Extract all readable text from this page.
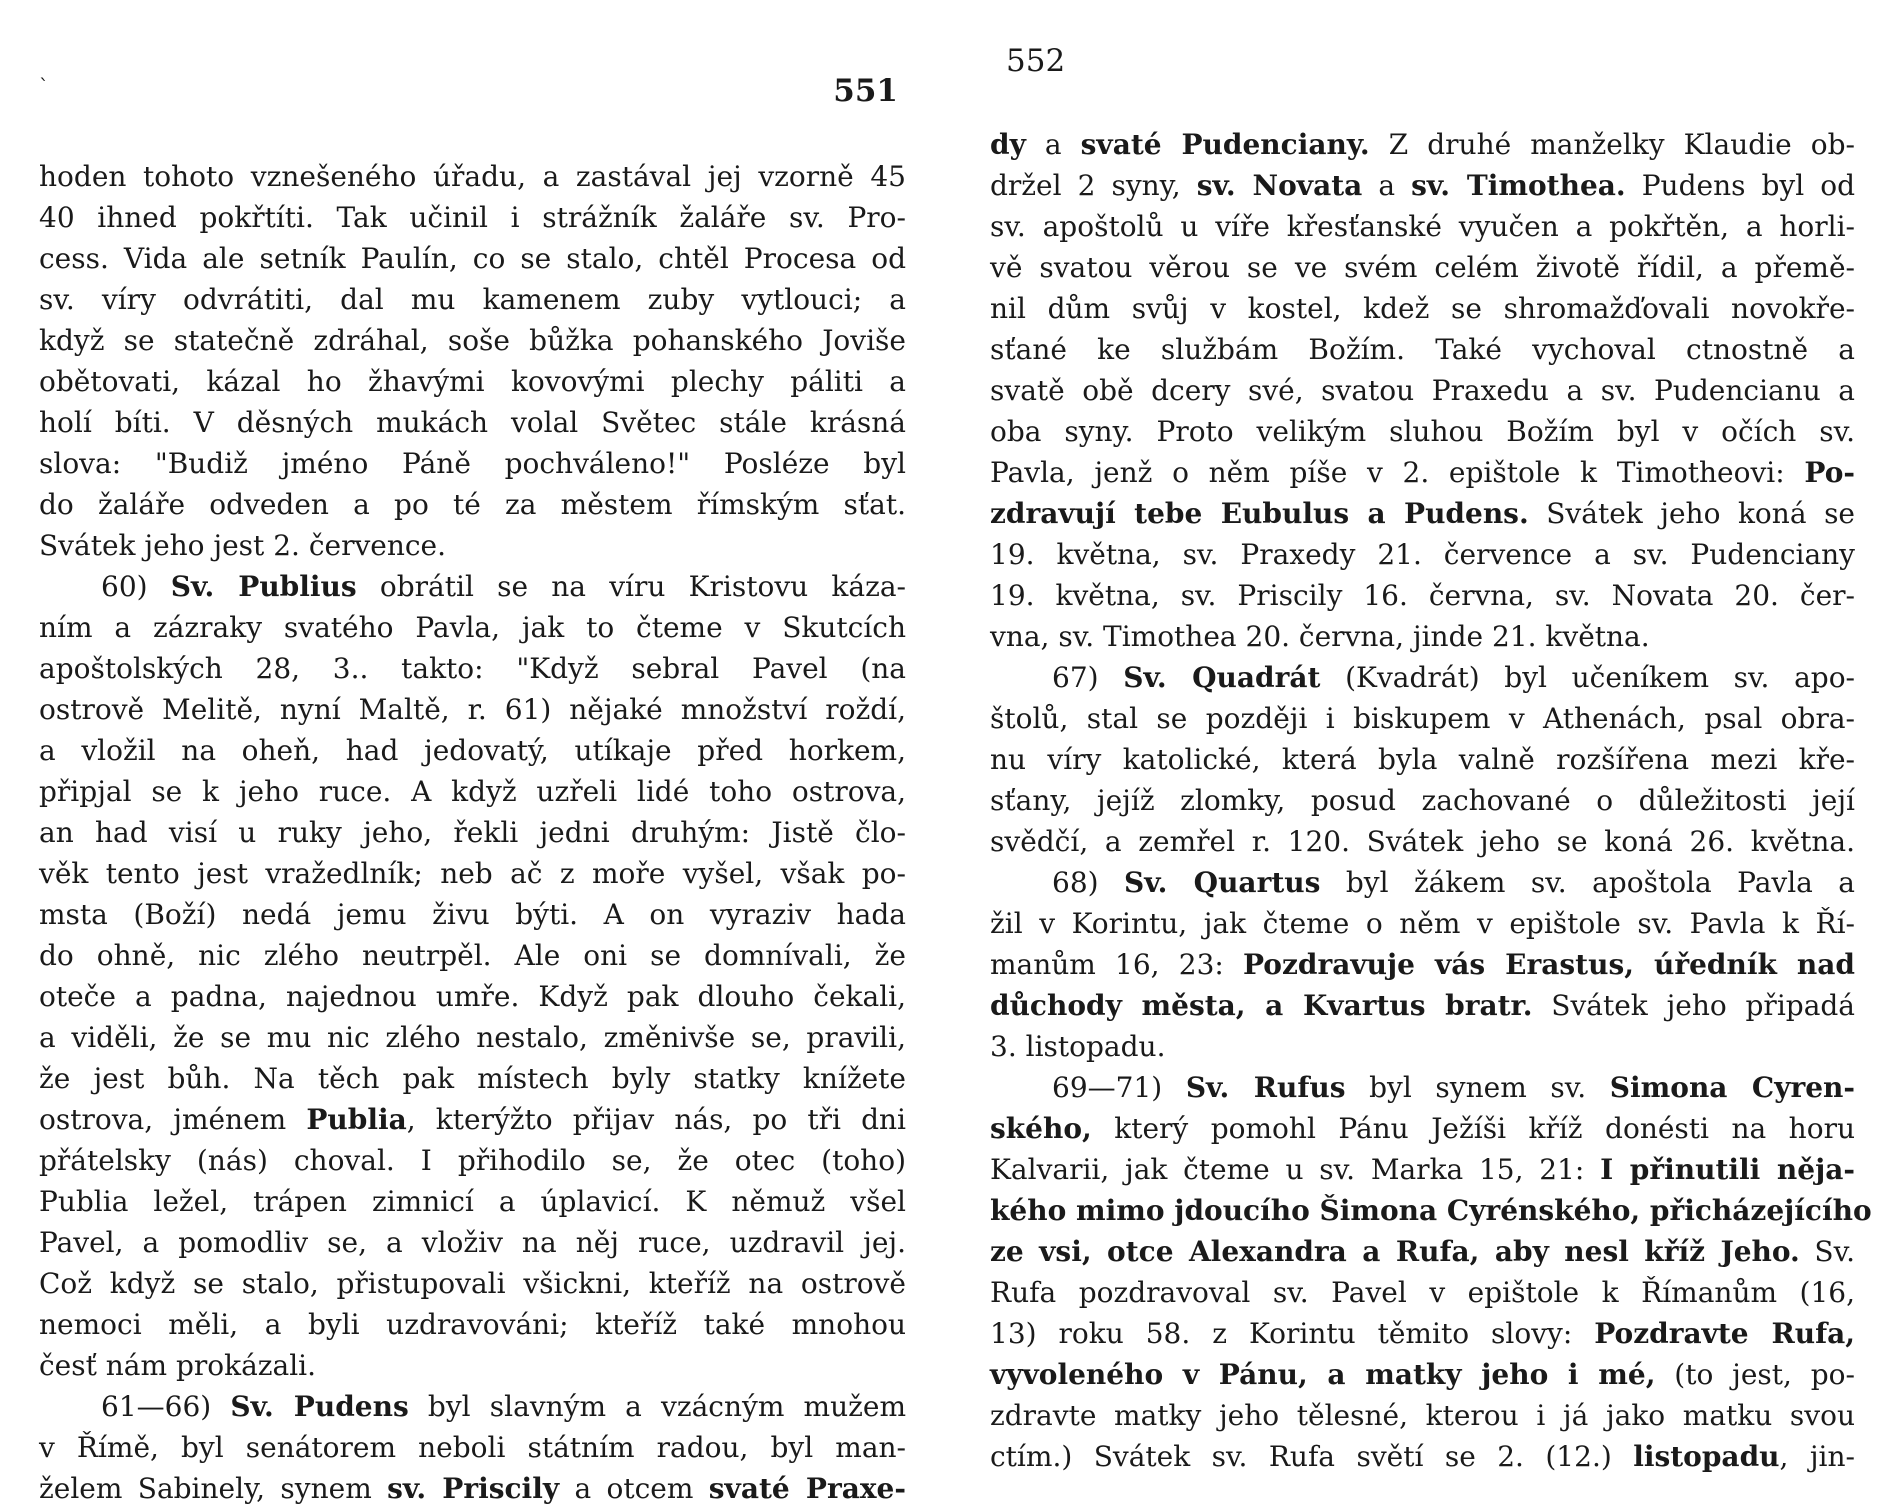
ˋ	551
hoden tohoto vznešeného úřadu, a zastával jej vzorně 45
40 ihned pokřtíti. Tak učinil i strážník žaláře sv. Pro-
cess. Vida ale setník Paulín, co se stalo, chtěl Procesa od
sv. víry odvrátiti, dal mu kamenem zuby vytlouci; a
když se statečně zdráhal, soše bůžka pohanského Joviše
obětovati, kázal ho žhavými kovovými plechy páliti a
holí bíti. V děsných mukách volal Světec stále krásná
slova: "Budiž jméno Páně pochváleno!" Posléze byl
do žaláře odveden a po té za městem římským sťat.
Svátek jeho jest 2. července.
60) Sv. Publius obrátil se na víru Kristovu káza-
ním a zázraky svatého Pavla, jak to čteme v Skutcích
apoštolských 28, 3.. takto: "Když sebral Pavel (na
ostrově Melitě, nyní Maltě, r. 61) nějaké množství roždí,
a vložil na oheň, had jedovatý, utíkaje před horkem,
připjal se k jeho ruce. A když uzřeli lidé toho ostrova,
an had visí u ruky jeho, řekli jedni druhým: Jistě člo-
věk tento jest vražedlník; neb ač z moře vyšel, však po-
msta (Boží) nedá jemu živu býti. A on vyraziv hada
do ohně, nic zlého neutrpěl. Ale oni se domnívali, že
oteče a padna, najednou umře. Když pak dlouho čekali,
a viděli, že se mu nic zlého nestalo, změnivše se, pravili,
že jest bůh. Na těch pak místech byly statky knížete
ostrova, jménem Publia, kterýžto přijav nás, po tři dni
přátelsky (nás) choval. I přihodilo se, že otec (toho)
Publia ležel, trápen zimnicí a úplavicí. K němuž všel
Pavel, a pomodliv se, a vloživ na něj ruce, uzdravil jej.
Což když se stalo, přistupovali všickni, kteříž na ostrově
nemoci měli, a byli uzdravováni; kteříž také mnohou
česť nám prokázali.
61—66) Sv. Pudens byl slavným a vzácným mužem
v Římě, byl senátorem neboli státním radou, byl man-
želem Sabinely, synem sv. Priscily a otcem svaté Praxe-
552
dy a svaté Pudenciany. Z druhé manželky Klaudie ob-
držel 2 syny, sv. Novata a sv. Timothea. Pudens byl od
sv. apoštolů u víře křesťanské vyučen a pokřtěn, a horli-
vě svatou věrou se ve svém celém životě řídil, a přemě-
nil dům svůj v kostel, kdež se shromažďovali novokře-
sťané ke službám Božím. Také vychoval ctnostně a
svatě obě dcery své, svatou Praxedu a sv. Pudencianu a
oba syny. Proto velikým sluhou Božím byl v očích sv.
Pavla, jenž o něm píše v 2. epištole k Timotheovi: Po-
zdravují tebe Eubulus a Pudens. Svátek jeho koná se
19. května, sv. Praxedy 21. července a sv. Pudenciany
19. května, sv. Priscily 16. června, sv. Novata 20. čer-
vna, sv. Timothea 20. června, jinde 21. května.
67) Sv. Quadrát (Kvadrát) byl učeníkem sv. apo-
štolů, stal se později i biskupem v Athenách, psal obra-
nu víry katolické, která byla valně rozšířena mezi kře-
sťany, jejíž zlomky, posud zachované o důležitosti její
svědčí, a zemřel r. 120. Svátek jeho se koná 26. května.
68) Sv. Quartus byl žákem sv. apoštola Pavla a
žil v Korintu, jak čteme o něm v epištole sv. Pavla k Ří-
manům 16, 23: Pozdravuje vás Erastus, úředník nad
důchody města, a Kvartus bratr. Svátek jeho připadá
3. listopadu.
69—71) Sv. Rufus byl synem sv. Simona Cyren-
ského, který pomohl Pánu Ježíši kříž donésti na horu
Kalvarii, jak čteme u sv. Marka 15, 21: I přinutili něja-
kého mimo jdoucího Šimona Cyrénského, přicházejícího
ze vsi, otce Alexandra a Rufa, aby nesl kříž Jeho. Sv.
Rufa pozdravoval sv. Pavel v epištole k Římanům (16,
13) roku 58. z Korintu těmito slovy: Pozdravte Rufa,
vyvoleného v Pánu, a matky jeho i mé, (to jest, po-
zdravte matky jeho tělesné, kterou i já jako matku svou
ctím.) Svátek sv. Rufa světí se 2. (12.) listopadu, jin-
